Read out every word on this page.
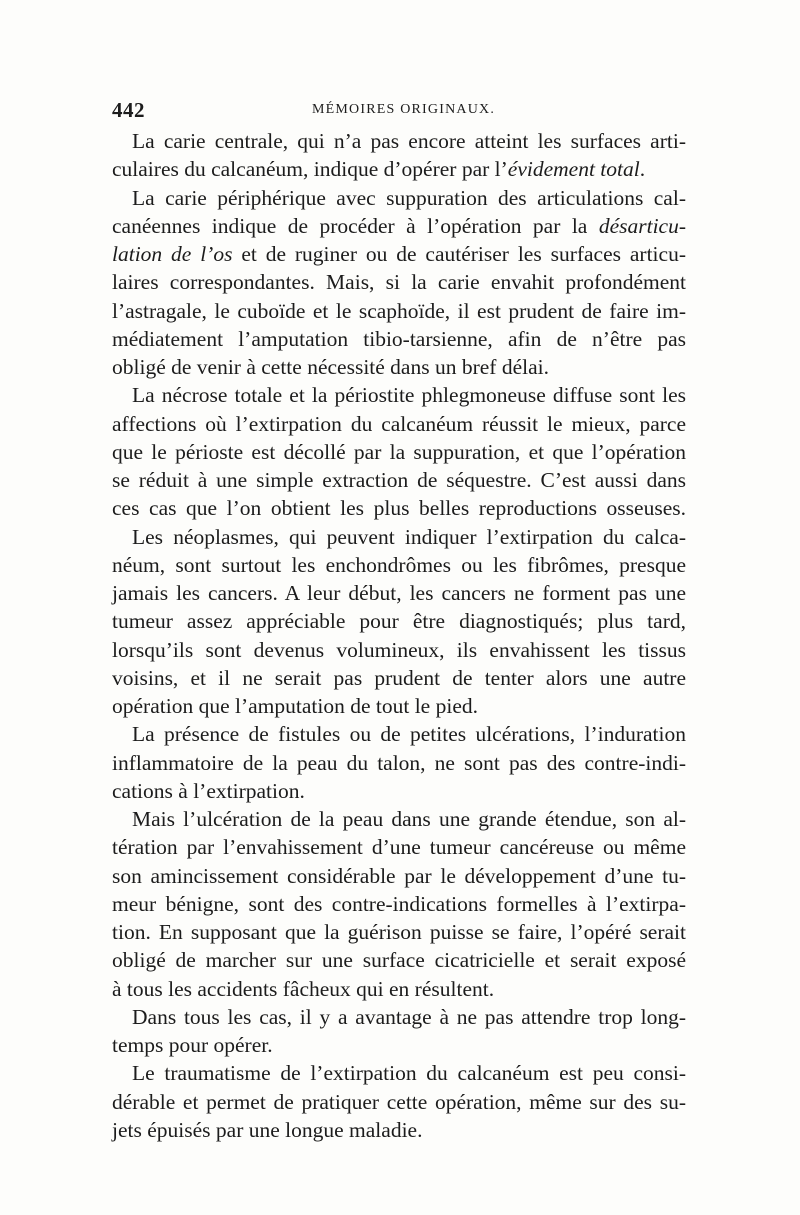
442	MÉMOIRES ORIGINAUX.
La carie centrale, qui n’a pas encore atteint les surfaces arti-
culaires du calcanéum, indique d’opérer par l’évidement total.
La carie périphérique avec suppuration des articulations cal-
canéennes indique de procéder à l’opération par la désarticu-
lation de l’os et de ruginer ou de cautériser les surfaces articu-
laires correspondantes. Mais, si la carie envahit profondément
l’astragale, le cuboïde et le scaphoïde, il est prudent de faire im-
médiatement l’amputation tibio-tarsienne, afin de n’être pas
obligé de venir à cette nécessité dans un bref délai.
La nécrose totale et la périostite phlegmoneuse diffuse sont les
affections où l’extirpation du calcanéum réussit le mieux, parce
que le périoste est décollé par la suppuration, et que l’opération
se réduit à une simple extraction de séquestre. C’est aussi dans
ces cas que l’on obtient les plus belles reproductions osseuses.
Les néoplasmes, qui peuvent indiquer l’extirpation du calca-
néum, sont surtout les enchondrômes ou les fibrômes, presque
jamais les cancers. A leur début, les cancers ne forment pas une
tumeur assez appréciable pour être diagnostiqués; plus tard,
lorsqu’ils sont devenus volumineux, ils envahissent les tissus
voisins, et il ne serait pas prudent de tenter alors une autre
opération que l’amputation de tout le pied.
La présence de fistules ou de petites ulcérations, l’induration
inflammatoire de la peau du talon, ne sont pas des contre-indi-
cations à l’extirpation.
Mais l’ulcération de la peau dans une grande étendue, son al-
tération par l’envahissement d’une tumeur cancéreuse ou même
son amincissement considérable par le développement d’une tu-
meur bénigne, sont des contre-indications formelles à l’extirpa-
tion. En supposant que la guérison puisse se faire, l’opéré serait
obligé de marcher sur une surface cicatricielle et serait exposé
à tous les accidents fâcheux qui en résultent.
Dans tous les cas, il y a avantage à ne pas attendre trop long-
temps pour opérer.
Le traumatisme de l’extirpation du calcanéum est peu consi-
dérable et permet de pratiquer cette opération, même sur des su-
jets épuisés par une longue maladie.
